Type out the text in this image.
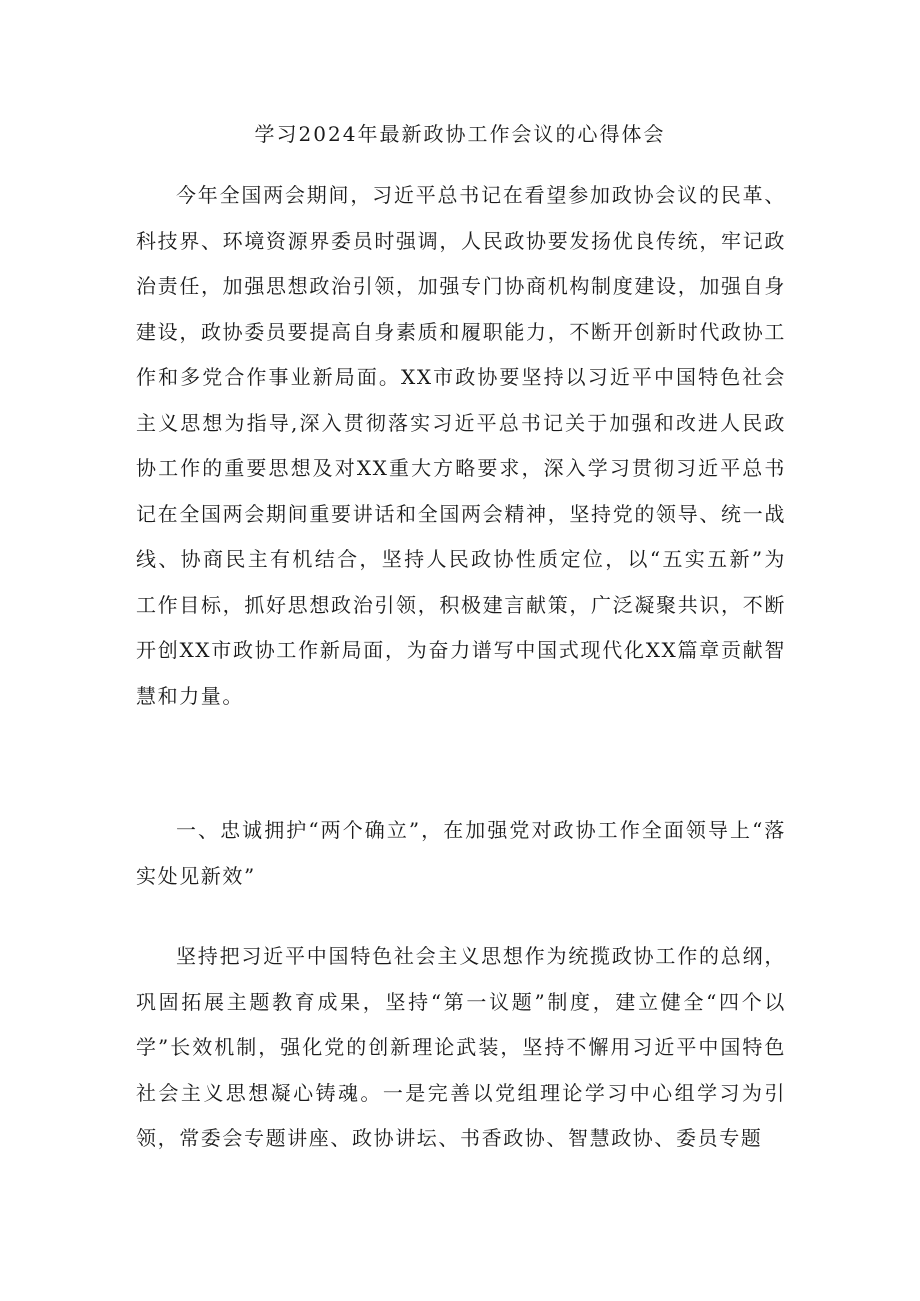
学习2024年最新政协工作会议的心得体会

今年全国两会期间，习近平总书记在看望参加政协会议的民革、科技界、环境资源界委员时强调，人民政协要发扬优良传统，牢记政治责任，加强思想政治引领，加强专门协商机构制度建设，加强自身建设，政协委员要提高自身素质和履职能力，不断开创新时代政协工作和多党合作事业新局面。XX市政协要坚持以习近平中国特色社会主义思想为指导,深入贯彻落实习近平总书记关于加强和改进人民政协工作的重要思想及对XX重大方略要求，深入学习贯彻习近平总书记在全国两会期间重要讲话和全国两会精神，坚持党的领导、统一战线、协商民主有机结合，坚持人民政协性质定位，以“五实五新”为工作目标，抓好思想政治引领，积极建言献策，广泛凝聚共识，不断开创XX市政协工作新局面，为奋力谱写中国式现代化XX篇章贡献智慧和力量。

一、忠诚拥护“两个确立”，在加强党对政协工作全面领导上“落实处见新效”

坚持把习近平中国特色社会主义思想作为统揽政协工作的总纲，巩固拓展主题教育成果，坚持“第一议题”制度，建立健全“四个以学”长效机制，强化党的创新理论武装，坚持不懈用习近平中国特色社会主义思想凝心铸魂。一是完善以党组理论学习中心组学习为引领，常委会专题讲座、政协讲坛、书香政协、智慧政协、委员专题
